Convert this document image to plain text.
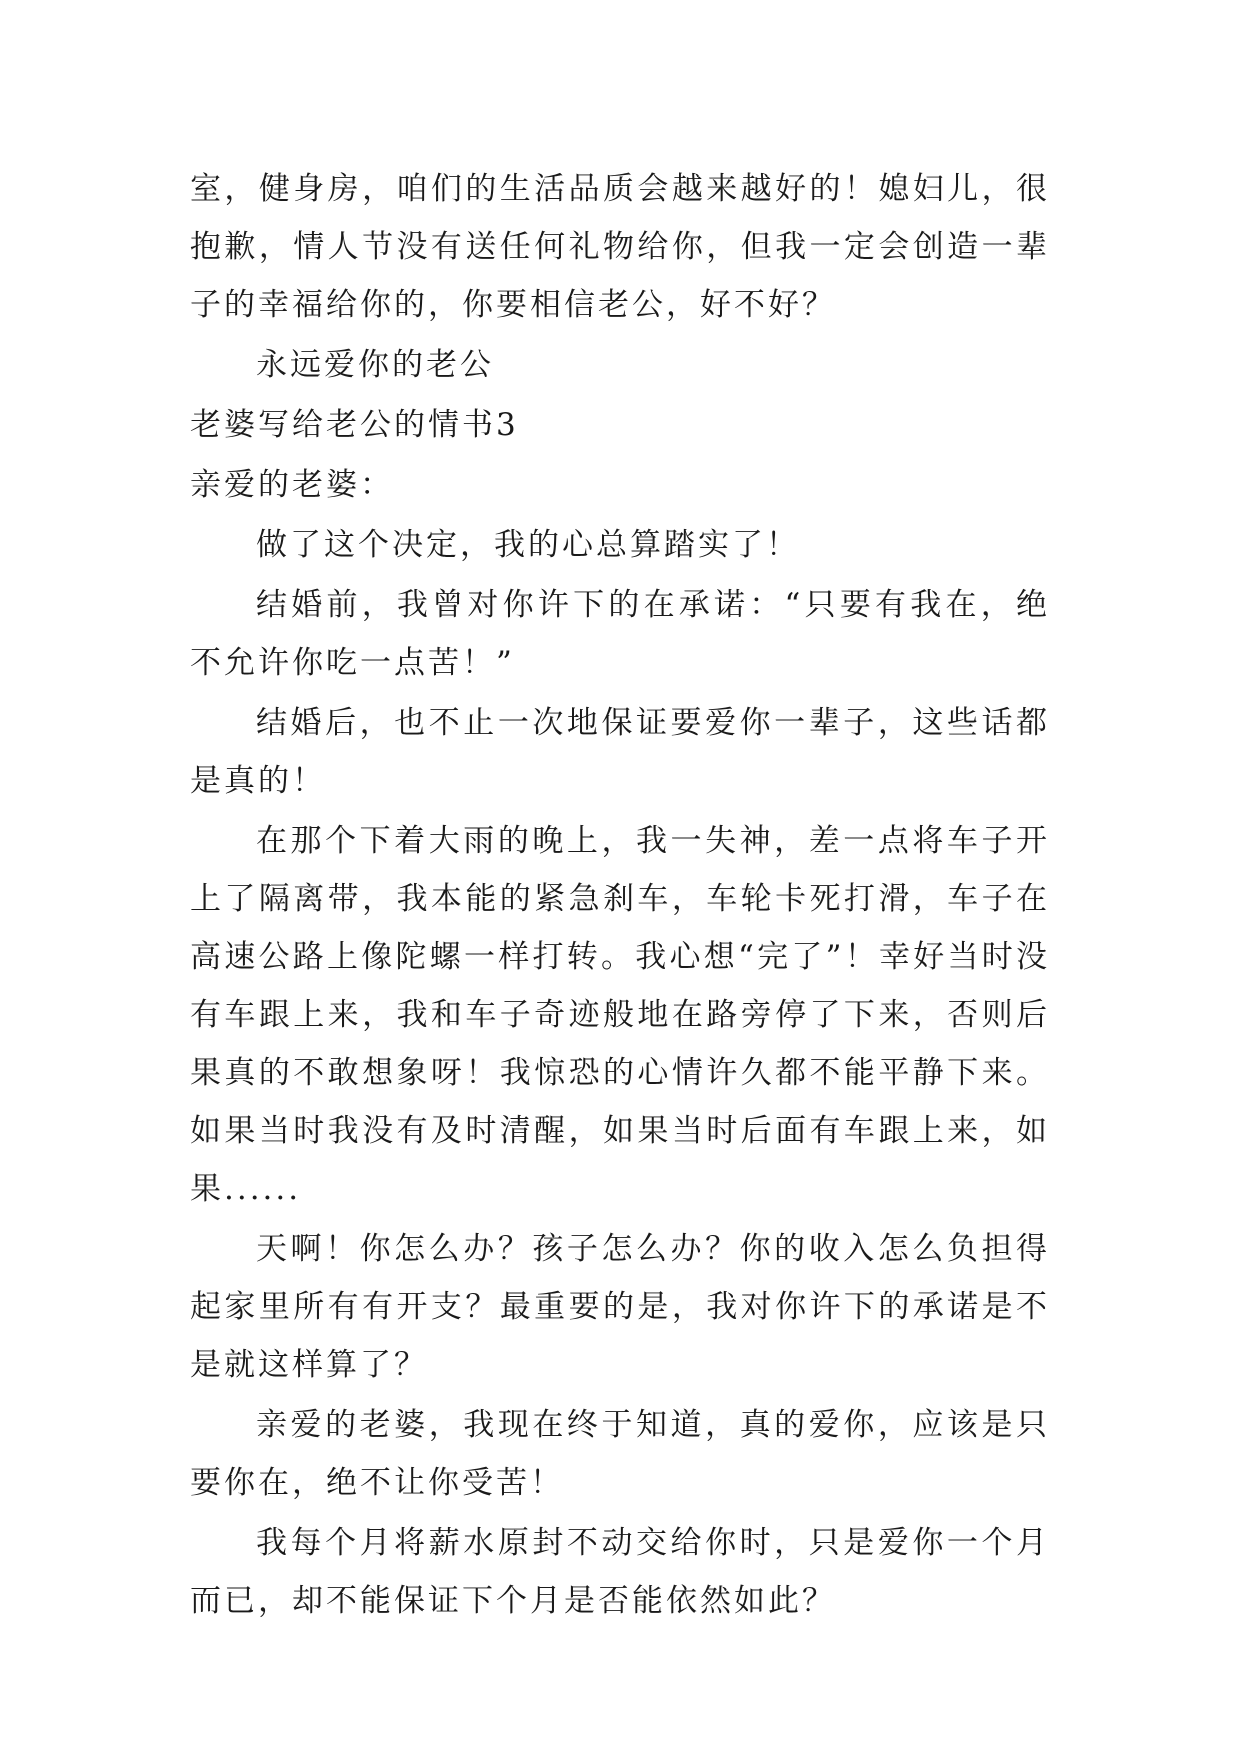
室，健身房，咱们的生活品质会越来越好的！媳妇儿，很抱歉，情人节没有送任何礼物给你，但我一定会创造一辈子的幸福给你的，你要相信老公，好不好？

永远爱你的老公

老婆写给老公的情书3

亲爱的老婆：

做了这个决定，我的心总算踏实了！

结婚前，我曾对你许下的在承诺：“只要有我在，绝不允许你吃一点苦！”

结婚后，也不止一次地保证要爱你一辈子，这些话都是真的！

在那个下着大雨的晚上，我一失神，差一点将车子开上了隔离带，我本能的紧急刹车，车轮卡死打滑，车子在高速公路上像陀螺一样打转。我心想“完了”！幸好当时没有车跟上来，我和车子奇迹般地在路旁停了下来，否则后果真的不敢想象呀！我惊恐的心情许久都不能平静下来。如果当时我没有及时清醒，如果当时后面有车跟上来，如果......

天啊！你怎么办？孩子怎么办？你的收入怎么负担得起家里所有有开支？最重要的是，我对你许下的承诺是不是就这样算了？

亲爱的老婆，我现在终于知道，真的爱你，应该是只要你在，绝不让你受苦！

我每个月将薪水原封不动交给你时，只是爱你一个月而已，却不能保证下个月是否能依然如此？
